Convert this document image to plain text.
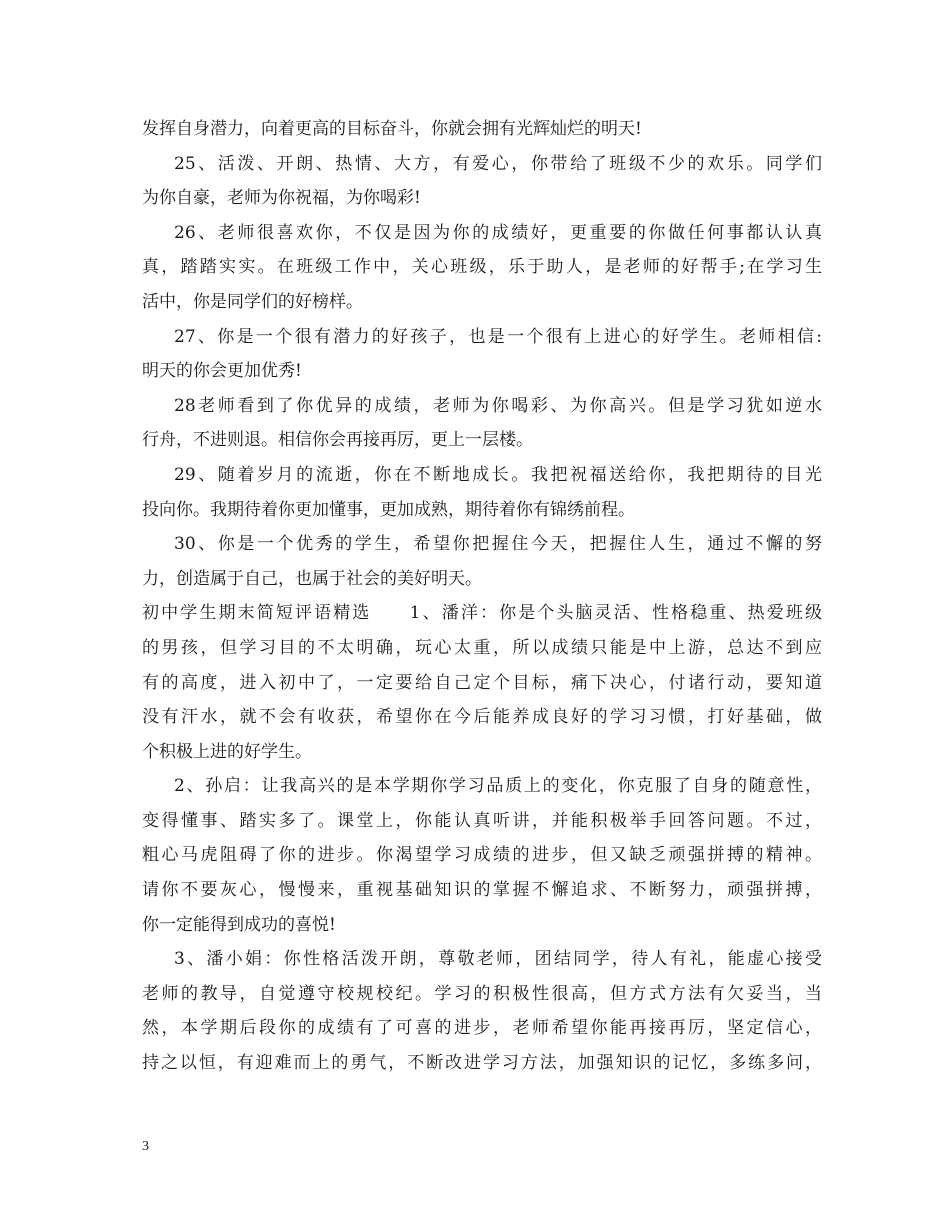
发挥自身潜力，向着更高的目标奋斗，你就会拥有光辉灿烂的明天!
25、活泼、开朗、热情、大方，有爱心，你带给了班级不少的欢乐。同学们
为你自豪，老师为你祝福，为你喝彩!
26、老师很喜欢你，不仅是因为你的成绩好，更重要的你做任何事都认认真
真，踏踏实实。在班级工作中，关心班级，乐于助人，是老师的好帮手;在学习生
活中，你是同学们的好榜样。
27、你是一个很有潜力的好孩子，也是一个很有上进心的好学生。老师相信:
明天的你会更加优秀!
28老师看到了你优异的成绩，老师为你喝彩、为你高兴。但是学习犹如逆水
行舟，不进则退。相信你会再接再厉，更上一层楼。
29、随着岁月的流逝，你在不断地成长。我把祝福送给你，我把期待的目光
投向你。我期待着你更加懂事，更加成熟，期待着你有锦绣前程。
30、你是一个优秀的学生，希望你把握住今天，把握住人生，通过不懈的努
力，创造属于自己，也属于社会的美好明天。
初中学生期末简短评语精选　　1、潘洋：你是个头脑灵活、性格稳重、热爱班级
的男孩，但学习目的不太明确，玩心太重，所以成绩只能是中上游，总达不到应
有的高度，进入初中了，一定要给自己定个目标，痛下决心，付诸行动，要知道
没有汗水，就不会有收获，希望你在今后能养成良好的学习习惯，打好基础，做
个积极上进的好学生。
2、孙启：让我高兴的是本学期你学习品质上的变化，你克服了自身的随意性，
变得懂事、踏实多了。课堂上，你能认真听讲，并能积极举手回答问题。不过，
粗心马虎阻碍了你的进步。你渴望学习成绩的进步，但又缺乏顽强拼搏的精神。
请你不要灰心，慢慢来，重视基础知识的掌握不懈追求、不断努力，顽强拼搏，
你一定能得到成功的喜悦!
3、潘小娟：你性格活泼开朗，尊敬老师，团结同学，待人有礼，能虚心接受
老师的教导，自觉遵守校规校纪。学习的积极性很高，但方式方法有欠妥当，当
然，本学期后段你的成绩有了可喜的进步，老师希望你能再接再厉，坚定信心，
持之以恒，有迎难而上的勇气，不断改进学习方法，加强知识的记忆，多练多问，
3
